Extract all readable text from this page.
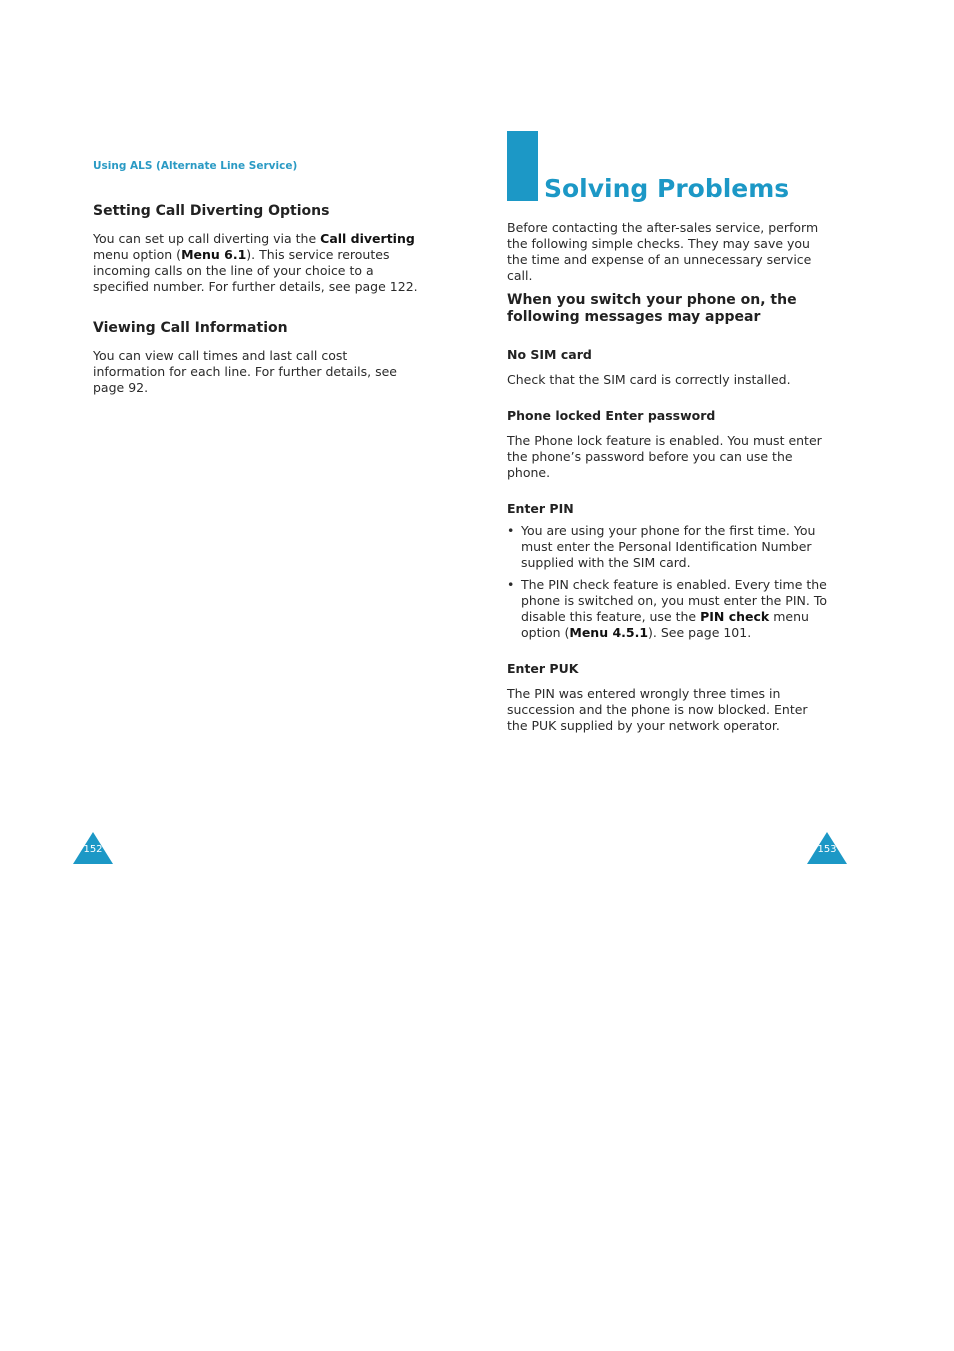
Using ALS (Alternate Line Service)
Setting Call Diverting Options
You can set up call diverting via the Call diverting menu option (Menu 6.1). This service reroutes incoming calls on the line of your choice to a specified number. For further details, see page 122.
Viewing Call Information
You can view call times and last call cost information for each line. For further details, see page 92.
152
Solving Problems
Before contacting the after-sales service, perform the following simple checks. They may save you the time and expense of an unnecessary service call.
When you switch your phone on, the following messages may appear
No SIM card
Check that the SIM card is correctly installed.
Phone locked Enter password
The Phone lock feature is enabled. You must enter the phone’s password before you can use the phone.
Enter PIN
• You are using your phone for the first time. You must enter the Personal Identification Number supplied with the SIM card.
• The PIN check feature is enabled. Every time the phone is switched on, you must enter the PIN. To disable this feature, use the PIN check menu option (Menu 4.5.1). See page 101.
Enter PUK
The PIN was entered wrongly three times in succession and the phone is now blocked. Enter the PUK supplied by your network operator.
153
